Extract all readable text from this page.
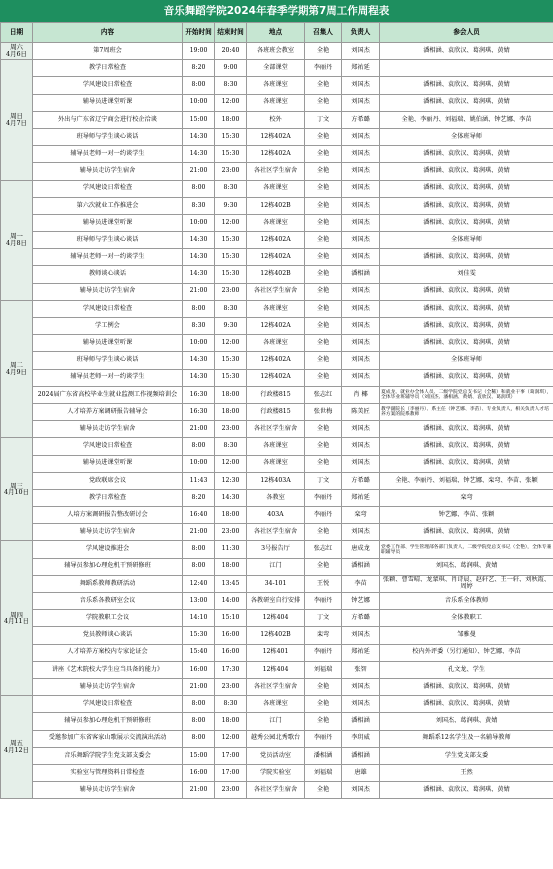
音乐舞蹈学院2024年春季学期第7周工作周程表
日期	内容	开始时间	结束时间	地点	召集人	负责人	参会人员

周六
4月6日	第7周班会	19:00	20:40	各班班会教室	全艳	刘国杰	潘相涵、袁欣汉、葛润琪、黄婧

周日
4月7日	教学日常检查	8:20	9:00	全部课堂	李丽丹	郑祐延	
	学风建设日常检查	8:00	8:30	各班课室	全艳	刘国杰	潘相涵、袁欣汉、葛润琪、黄婧
	辅导员进课堂听课	10:00	12:00	各班课室	全艳	刘国杰	潘相涵、袁欣汉、葛润琪、黄婧
	外出与广东省辽宁商会进行校企洽谈	15:00	18:00	校外	丁文	方希璐	全艳、李丽丹、刘福瑞、姚伯涵、钟艺娜、李苗
	班导师与学生谈心谈话	14:30	15:30	12栋402A	全艳	刘国杰	全体班导师
	辅导员老师一对一约谈学生	14:30	15:30	12栋402A	全艳	刘国杰	潘相涵、袁欣汉、葛润琪、黄婧
	辅导员走访学生宿舍	21:00	23:00	各社区学生宿舍	全艳	刘国杰	潘相涵、袁欣汉、葛润琪、黄婧

周一
4月8日	学风建设日常检查	8:00	8:30	各班课室	全艳	刘国杰	潘相涵、袁欣汉、葛润琪、黄婧
	第六次就业工作推进会	8:30	9:30	12栋402B	全艳	刘国杰	潘相涵、袁欣汉、葛润琪、黄婧
	辅导员进课堂听课	10:00	12:00	各班课室	全艳	刘国杰	潘相涵、袁欣汉、葛润琪、黄婧
	班导师与学生谈心谈话	14:30	15:30	12栋402A	全艳	刘国杰	全体班导师
	辅导员老师一对一约谈学生	14:30	15:30	12栋402A	全艳	刘国杰	潘相涵、袁欣汉、葛润琪、黄婧
	教师谈心谈话	14:30	15:30	12栋402B	全艳	潘相涵	刘佳雯
	辅导员走访学生宿舍	21:00	23:00	各社区学生宿舍	全艳	刘国杰	潘相涵、袁欣汉、葛润琪、黄婧

周二
4月9日	学风建设日常检查	8:00	8:30	各班课室	全艳	刘国杰	潘相涵、袁欣汉、葛润琪、黄婧
	学工例会	8:30	9:30	12栋402A	全艳	刘国杰	潘相涵、袁欣汉、葛润琪、黄婧
	辅导员进课堂听课	10:00	12:00	各班课室	全艳	刘国杰	潘相涵、袁欣汉、葛润琪、黄婧
	班导师与学生谈心谈话	14:30	15:30	12栋402A	全艳	刘国杰	全体班导师
	辅导员老师一对一约谈学生	14:30	15:30	12栋402A	全艳	刘国杰	潘相涵、袁欣汉、葛润琪、黄婧
	2024届广东省高校毕业生就业监测工作视频培训会	16:30	18:00	行政楼815	张志红	肖 椰	夏成龙、就业办全体人员、二级学院党总支书记（全稀）和就业干事（葛润琪），全体毕业班辅导员（刘国杰、潘相涵、黄婧、袁欣汉、葛润琪）
	人才培养方案调研报告辅导会	16:30	18:00	行政楼815	张世梅	陈美匠	教学副院长（李丽丹）、系主任（钟艺娜、李苗）、专业负责人，相关负责人才培养方案的院系教师
	辅导员走访学生宿舍	21:00	23:00	各社区学生宿舍	全艳	刘国杰	潘相涵、袁欣汉、葛润琪、黄婧

周三
4月10日	学风建设日常检查	8:00	8:30	各班课室	全艳	刘国杰	潘相涵、袁欣汉、葛润琪、黄婧
	辅导员进课堂听课	10:00	12:00	各班课室	全艳	刘国杰	潘相涵、袁欣汉、葛润琪、黄婧
	党政联席会议	11:43	12:30	12栋403A	丁文	方希璐	全艳、李丽丹、刘福瑞、钟艺娜、栾弯、李苗、张颖
	教学日常检查	8:20	14:30	各教室	李丽丹	郑祐延	栾弯
	人培方案调研报告整改研讨会	16:40	18:00	403A	李丽丹	栾弯	钟艺娜、李苗、张颖
	辅导员走访学生宿舍	21:00	23:00	各社区学生宿舍	全艳	刘国杰	潘相涵、袁欣汉、葛润琪、黄婧

周四
4月11日	学风建设推进会	8:00	11:30	3号报告厅	张志红	唐成龙	党委工作部、学生管理部各部门负责人，二级学院党总支书记（全艳），全体专兼职辅导员
	辅导员参加心理危机干预研修班	8:00	18:00	江门	全艳	潘相涵	刘国杰、葛润琪、黄婧
	舞蹈系教师教研活动	12:40	13:45	34-101	王悦	李苗	张颖、曹雪晴、龙蒙琪、肖诗晨、赵轩艺、王一轩、刘秋霞、周婷
	音乐系各教研室会议	13:00	14:00	各教研室自行安排	李丽丹	钟艺娜	音乐系全体教师
	学院教职工会议	14:10	15:10	12栋404	丁文	方希璐	全体教职工
	党员教师谈心谈话	15:30	16:00	12栋402B	栾弯	刘国杰	邹雅曼
	人才培养方案校内专家论证会	15:40	16:00	12栋401	李丽丹	郑祐延	校内外评委（另行通知）、钟艺娜、李苗
	讲座《艺术院校大学生应当具备的能力》	16:00	17:30	12栋404	刘福瑞	张智	孔文龙、学生
	辅导员走访学生宿舍	21:00	23:00	各社区学生宿舍	全艳	刘国杰	潘相涵、袁欣汉、葛润琪、黄婧

周五
4月12日	学风建设日常检查	8:00	8:30	各班课室	全艳	刘国杰	潘相涵、袁欣汉、葛润琪、黄婧
	辅导员参加心理危机干预研修班	8:00	18:00	江门	全艳	潘相涵	刘国杰、葛润琪、黄婧
	受邀参加广东省客家山歌展示交流演出活动	8:00	12:00	越秀公园北秀歌台	李丽丹	李玥威	舞蹈系12名学生及一名辅导教师
	音乐舞蹈学院学生党支部支委会	15:00	17:00	党员活动室	潘相涵	潘相涵	学生党支部支委
	实验室与管理资料日常检查	16:00	17:00	学院实验室	刘福瑞	唐雄	王然
	辅导员走访学生宿舍	21:00	23:00	各社区学生宿舍	全艳	刘国杰	潘相涵、袁欣汉、葛润琪、黄婧
